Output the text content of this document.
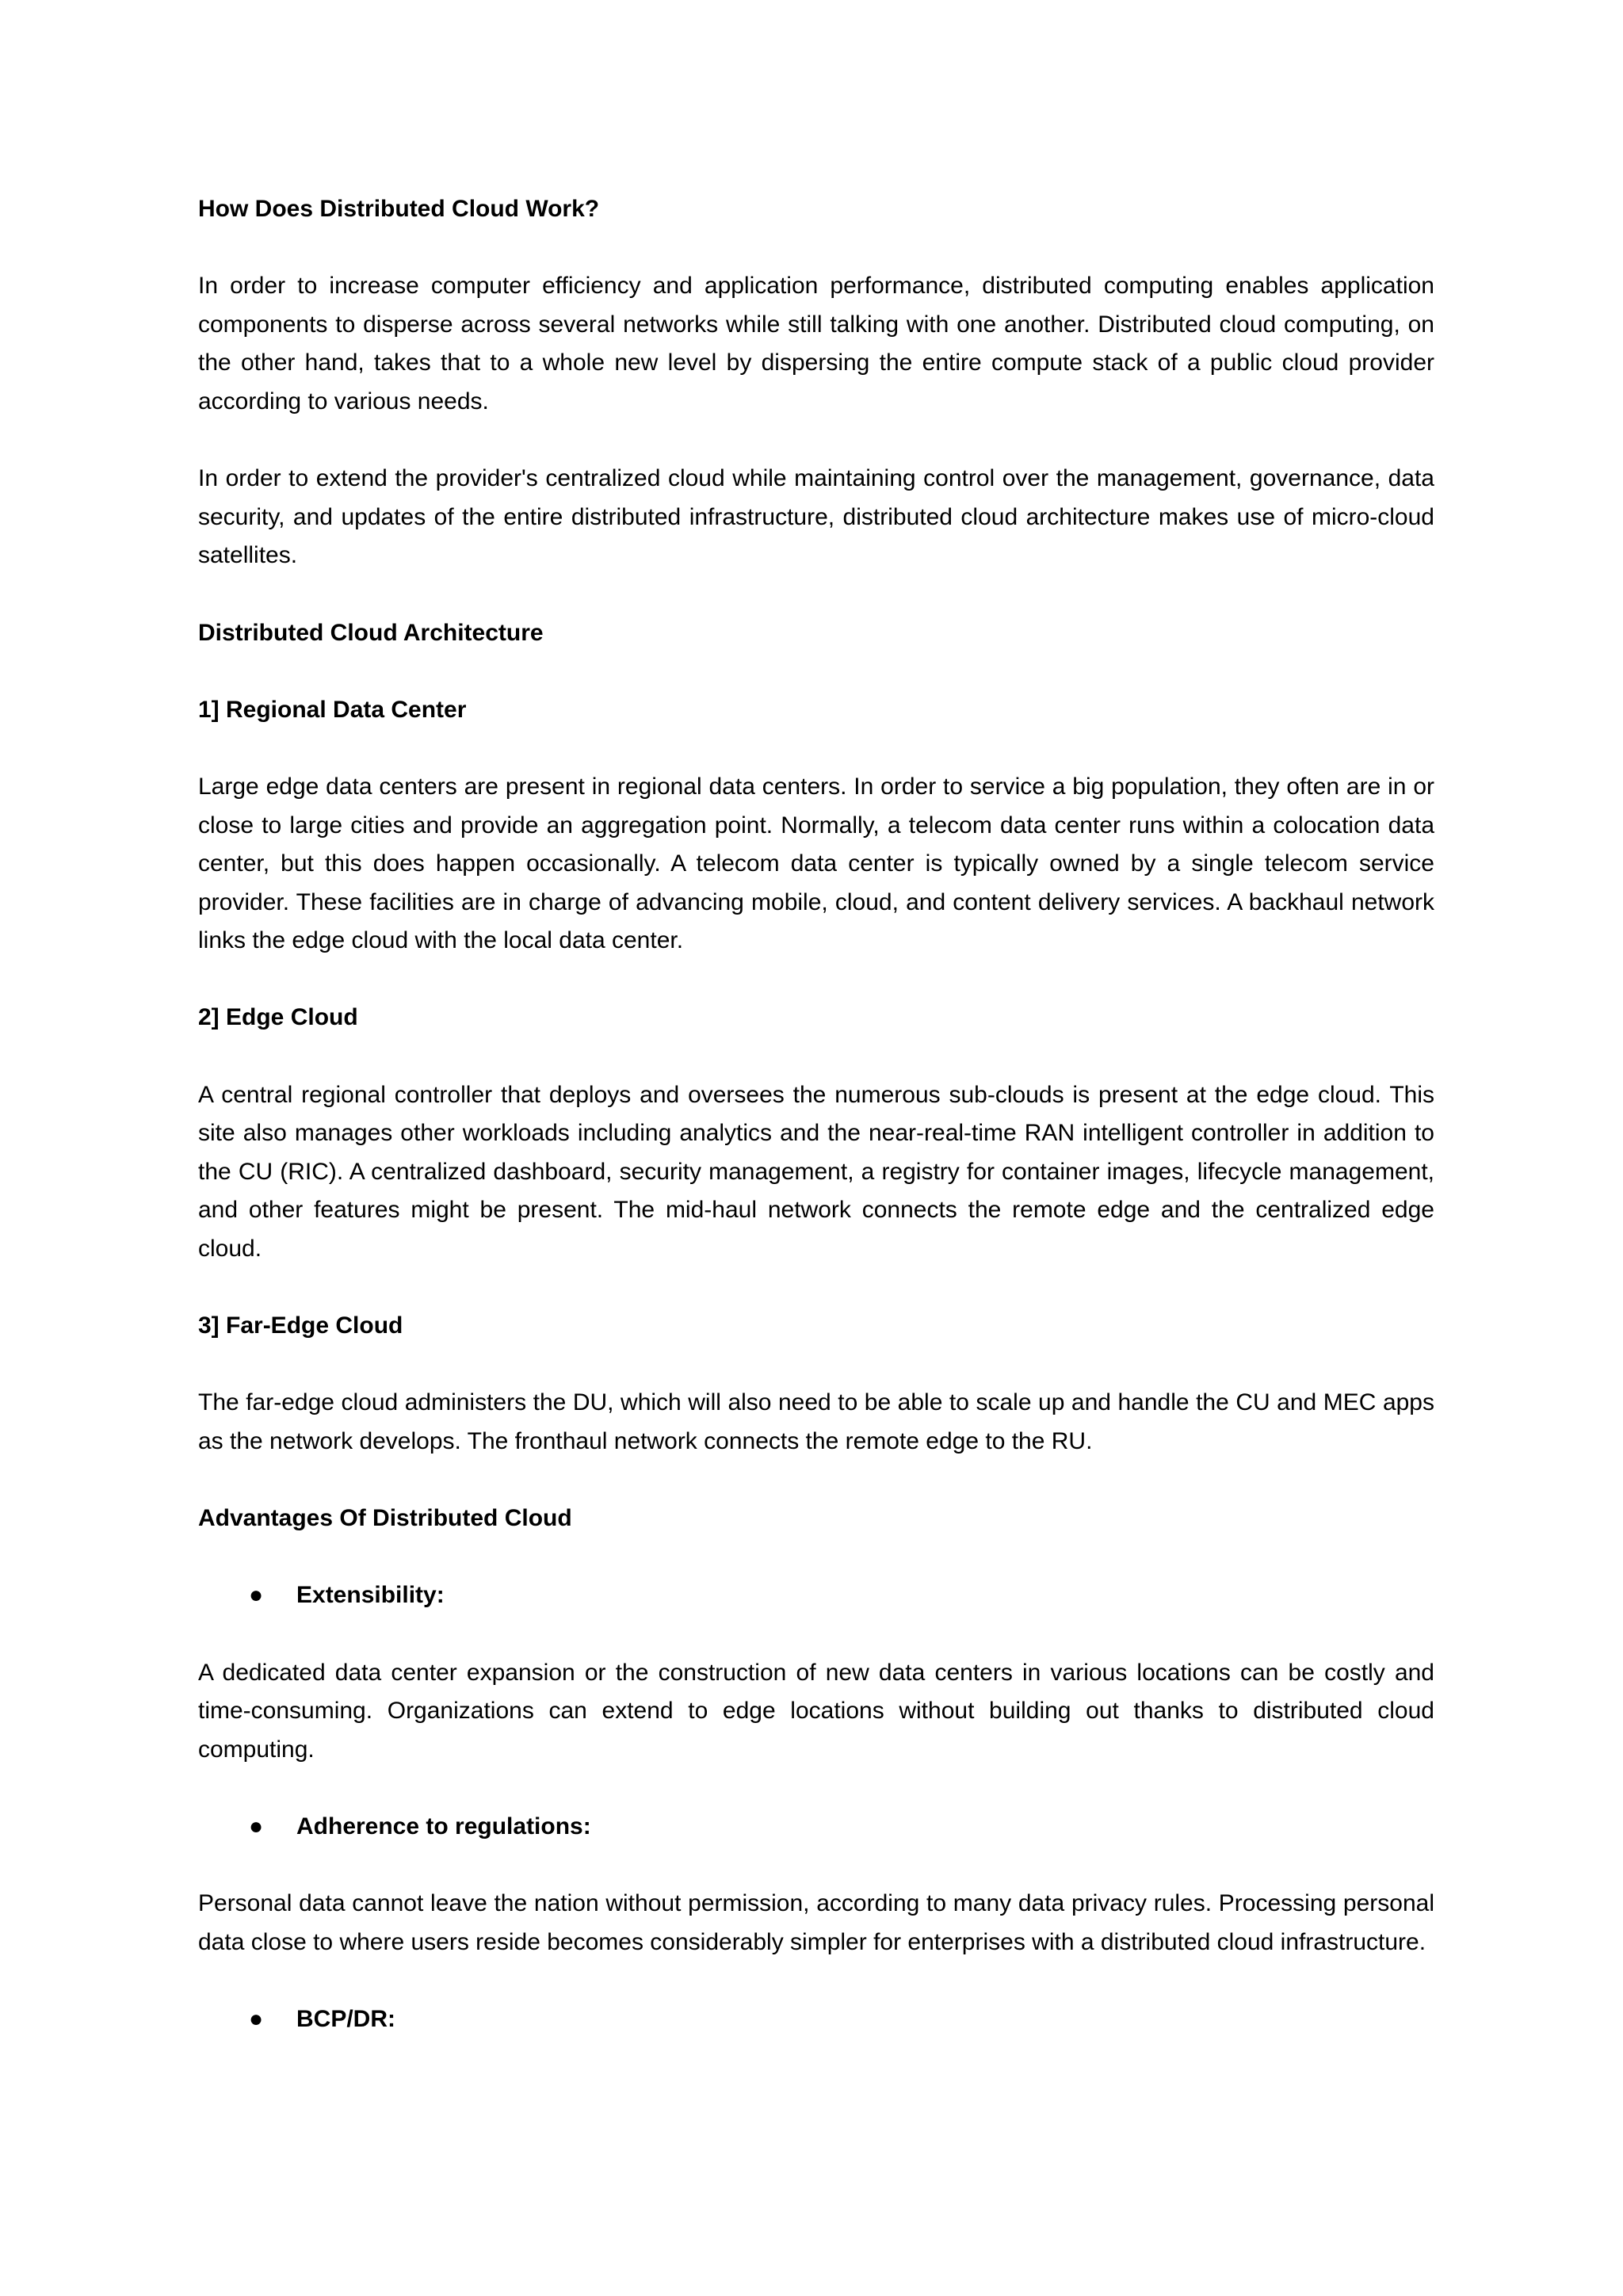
How Does Distributed Cloud Work?
In order to increase computer efficiency and application performance, distributed computing enables application components to disperse across several networks while still talking with one another. Distributed cloud computing, on the other hand, takes that to a whole new level by dispersing the entire compute stack of a public cloud provider according to various needs.
In order to extend the provider's centralized cloud while maintaining control over the management, governance, data security, and updates of the entire distributed infrastructure, distributed cloud architecture makes use of micro-cloud satellites.
Distributed Cloud Architecture
1] Regional Data Center
Large edge data centers are present in regional data centers. In order to service a big population, they often are in or close to large cities and provide an aggregation point. Normally, a telecom data center runs within a colocation data center, but this does happen occasionally. A telecom data center is typically owned by a single telecom service provider. These facilities are in charge of advancing mobile, cloud, and content delivery services. A backhaul network links the edge cloud with the local data center.
2] Edge Cloud
A central regional controller that deploys and oversees the numerous sub-clouds is present at the edge cloud. This site also manages other workloads including analytics and the near-real-time RAN intelligent controller in addition to the CU (RIC). A centralized dashboard, security management, a registry for container images, lifecycle management, and other features might be present. The mid-haul network connects the remote edge and the centralized edge cloud.
3] Far-Edge Cloud
The far-edge cloud administers the DU, which will also need to be able to scale up and handle the CU and MEC apps as the network develops. The fronthaul network connects the remote edge to the RU.
Advantages Of Distributed Cloud
● Extensibility:
A dedicated data center expansion or the construction of new data centers in various locations can be costly and time-consuming. Organizations can extend to edge locations without building out thanks to distributed cloud computing.
● Adherence to regulations:
Personal data cannot leave the nation without permission, according to many data privacy rules. Processing personal data close to where users reside becomes considerably simpler for enterprises with a distributed cloud infrastructure.
● BCP/DR:
